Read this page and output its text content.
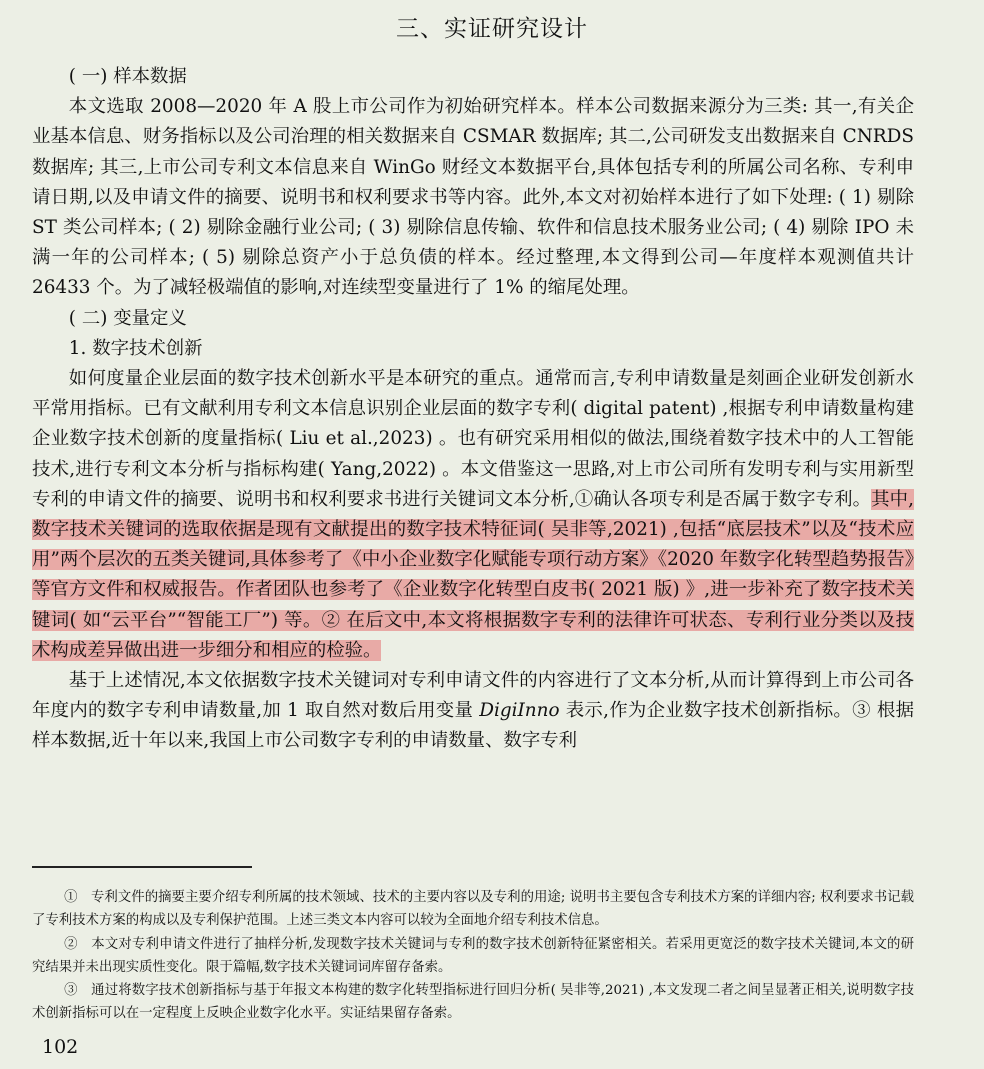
三、实证研究设计

( 一) 样本数据

本文选取 2008—2020 年 A 股上市公司作为初始研究样本。样本公司数据来源分为三类: 其一,有关企业基本信息、财务指标以及公司治理的相关数据来自 CSMAR 数据库; 其二,公司研发支出数据来自 CNRDS 数据库; 其三,上市公司专利文本信息来自 WinGo 财经文本数据平台,具体包括专利的所属公司名称、专利申请日期,以及申请文件的摘要、说明书和权利要求书等内容。此外,本文对初始样本进行了如下处理: ( 1) 剔除 ST 类公司样本; ( 2) 剔除金融行业公司; ( 3) 剔除信息传输、软件和信息技术服务业公司; ( 4) 剔除 IPO 未满一年的公司样本; ( 5) 剔除总资产小于总负债的样本。经过整理,本文得到公司—年度样本观测值共计 26433 个。为了减轻极端值的影响,对连续型变量进行了 1% 的缩尾处理。

( 二) 变量定义

1. 数字技术创新

如何度量企业层面的数字技术创新水平是本研究的重点。通常而言,专利申请数量是刻画企业研发创新水平常用指标。已有文献利用专利文本信息识别企业层面的数字专利( digital patent) ,根据专利申请数量构建企业数字技术创新的度量指标( Liu et al.,2023) 。也有研究采用相似的做法,围绕着数字技术中的人工智能技术,进行专利文本分析与指标构建( Yang,2022) 。本文借鉴这一思路,对上市公司所有发明专利与实用新型专利的申请文件的摘要、说明书和权利要求书进行关键词文本分析,①确认各项专利是否属于数字专利。其中,数字技术关键词的选取依据是现有文献提出的数字技术特征词( 吴非等,2021) ,包括“底层技术”以及“技术应用”两个层次的五类关键词,具体参考了《中小企业数字化赋能专项行动方案》《2020 年数字化转型趋势报告》等官方文件和权威报告。作者团队也参考了《企业数字化转型白皮书( 2021 版) 》,进一步补充了数字技术关键词( 如“云平台”“智能工厂”) 等。② 在后文中,本文将根据数字专利的法律许可状态、专利行业分类以及技术构成差异做出进一步细分和相应的检验。

基于上述情况,本文依据数字技术关键词对专利申请文件的内容进行了文本分析,从而计算得到上市公司各年度内的数字专利申请数量,加 1 取自然对数后用变量 DigiInno 表示,作为企业数字技术创新指标。③ 根据样本数据,近十年以来,我国上市公司数字专利的申请数量、数字专利

①　专利文件的摘要主要介绍专利所属的技术领域、技术的主要内容以及专利的用途; 说明书主要包含专利技术方案的详细内容; 权利要求书记载了专利技术方案的构成以及专利保护范围。上述三类文本内容可以较为全面地介绍专利技术信息。

②　本文对专利申请文件进行了抽样分析,发现数字技术关键词与专利的数字技术创新特征紧密相关。若采用更宽泛的数字技术关键词,本文的研究结果并未出现实质性变化。限于篇幅,数字技术关键词词库留存备索。

③　通过将数字技术创新指标与基于年报文本构建的数字化转型指标进行回归分析( 吴非等,2021) ,本文发现二者之间呈显著正相关,说明数字技术创新指标可以在一定程度上反映企业数字化水平。实证结果留存备索。

102
